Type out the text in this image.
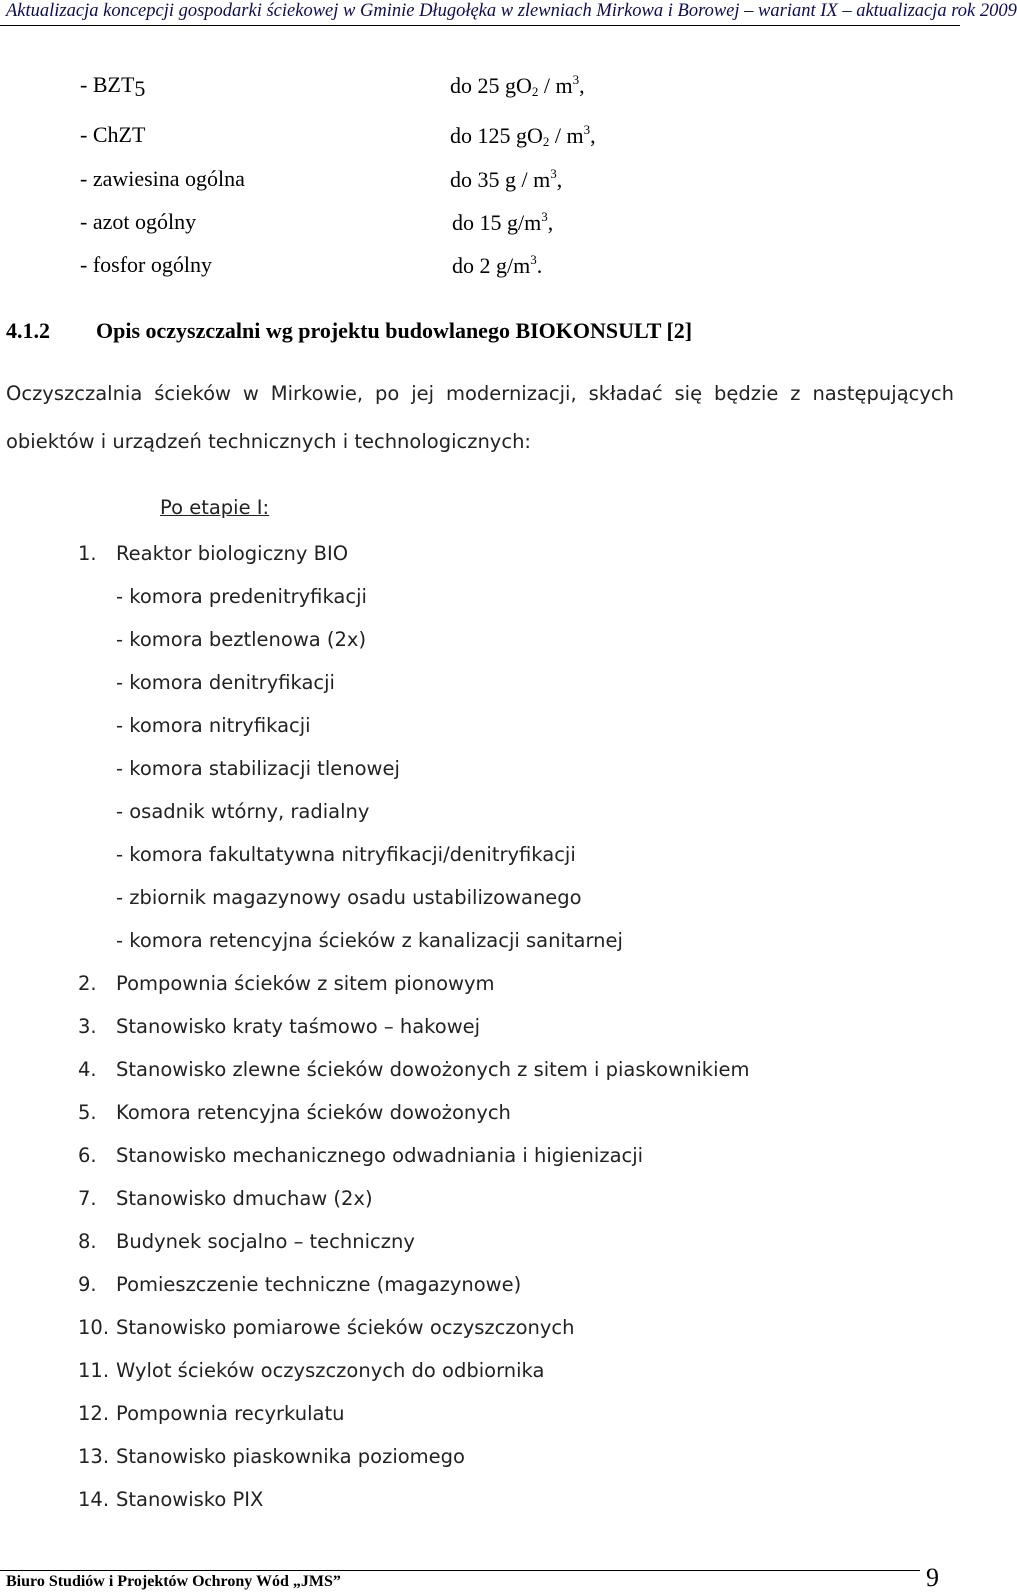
Aktualizacja koncepcji gospodarki ściekowej w Gminie Długołęka w zlewniach Mirkowa i Borowej – wariant IX – aktualizacja rok 2009
- $BZT_5$	do 25 $gO_2 / m^3$,
- ChZT	do 125 $gO_2 / m^3$,
- zawiesina ogólna	do 35 g / $m^3$,
- azot ogólny	do 15 $g/m^3$,
- fosfor ogólny	do 2 $g/m^3$.
4.1.2 Opis oczyszczalni wg projektu budowlanego BIOKONSULT [2]
Oczyszczalnia ścieków w Mirkowie, po jej modernizacji, składać się będzie z następujących obiektów i urządzeń technicznych i technologicznych:
Po etapie I:
1. Reaktor biologiczny BIO
- komora predenitryfikacji
- komora beztlenowa (2x)
- komora denitryfikacji
- komora nitryfikacji
- komora stabilizacji tlenowej
- osadnik wtórny, radialny
- komora fakultatywna nitryfikacji/denitryfikacji
- zbiornik magazynowy osadu ustabilizowanego
- komora retencyjna ścieków z kanalizacji sanitarnej
2. Pompownia ścieków z sitem pionowym
3. Stanowisko kraty taśmowo – hakowej
4. Stanowisko zlewne ścieków dowożonych z sitem i piaskownikiem
5. Komora retencyjna ścieków dowożonych
6. Stanowisko mechanicznego odwadniania i higienizacji
7. Stanowisko dmuchaw (2x)
8. Budynek socjalno – techniczny
9. Pomieszczenie techniczne (magazynowe)
10. Stanowisko pomiarowe ścieków oczyszczonych
11. Wylot ścieków oczyszczonych do odbiornika
12. Pompownia recyrkulatu
13. Stanowisko piaskownika poziomego
14. Stanowisko PIX
Biuro Studiów i Projektów Ochrony Wód „JMS”	9
